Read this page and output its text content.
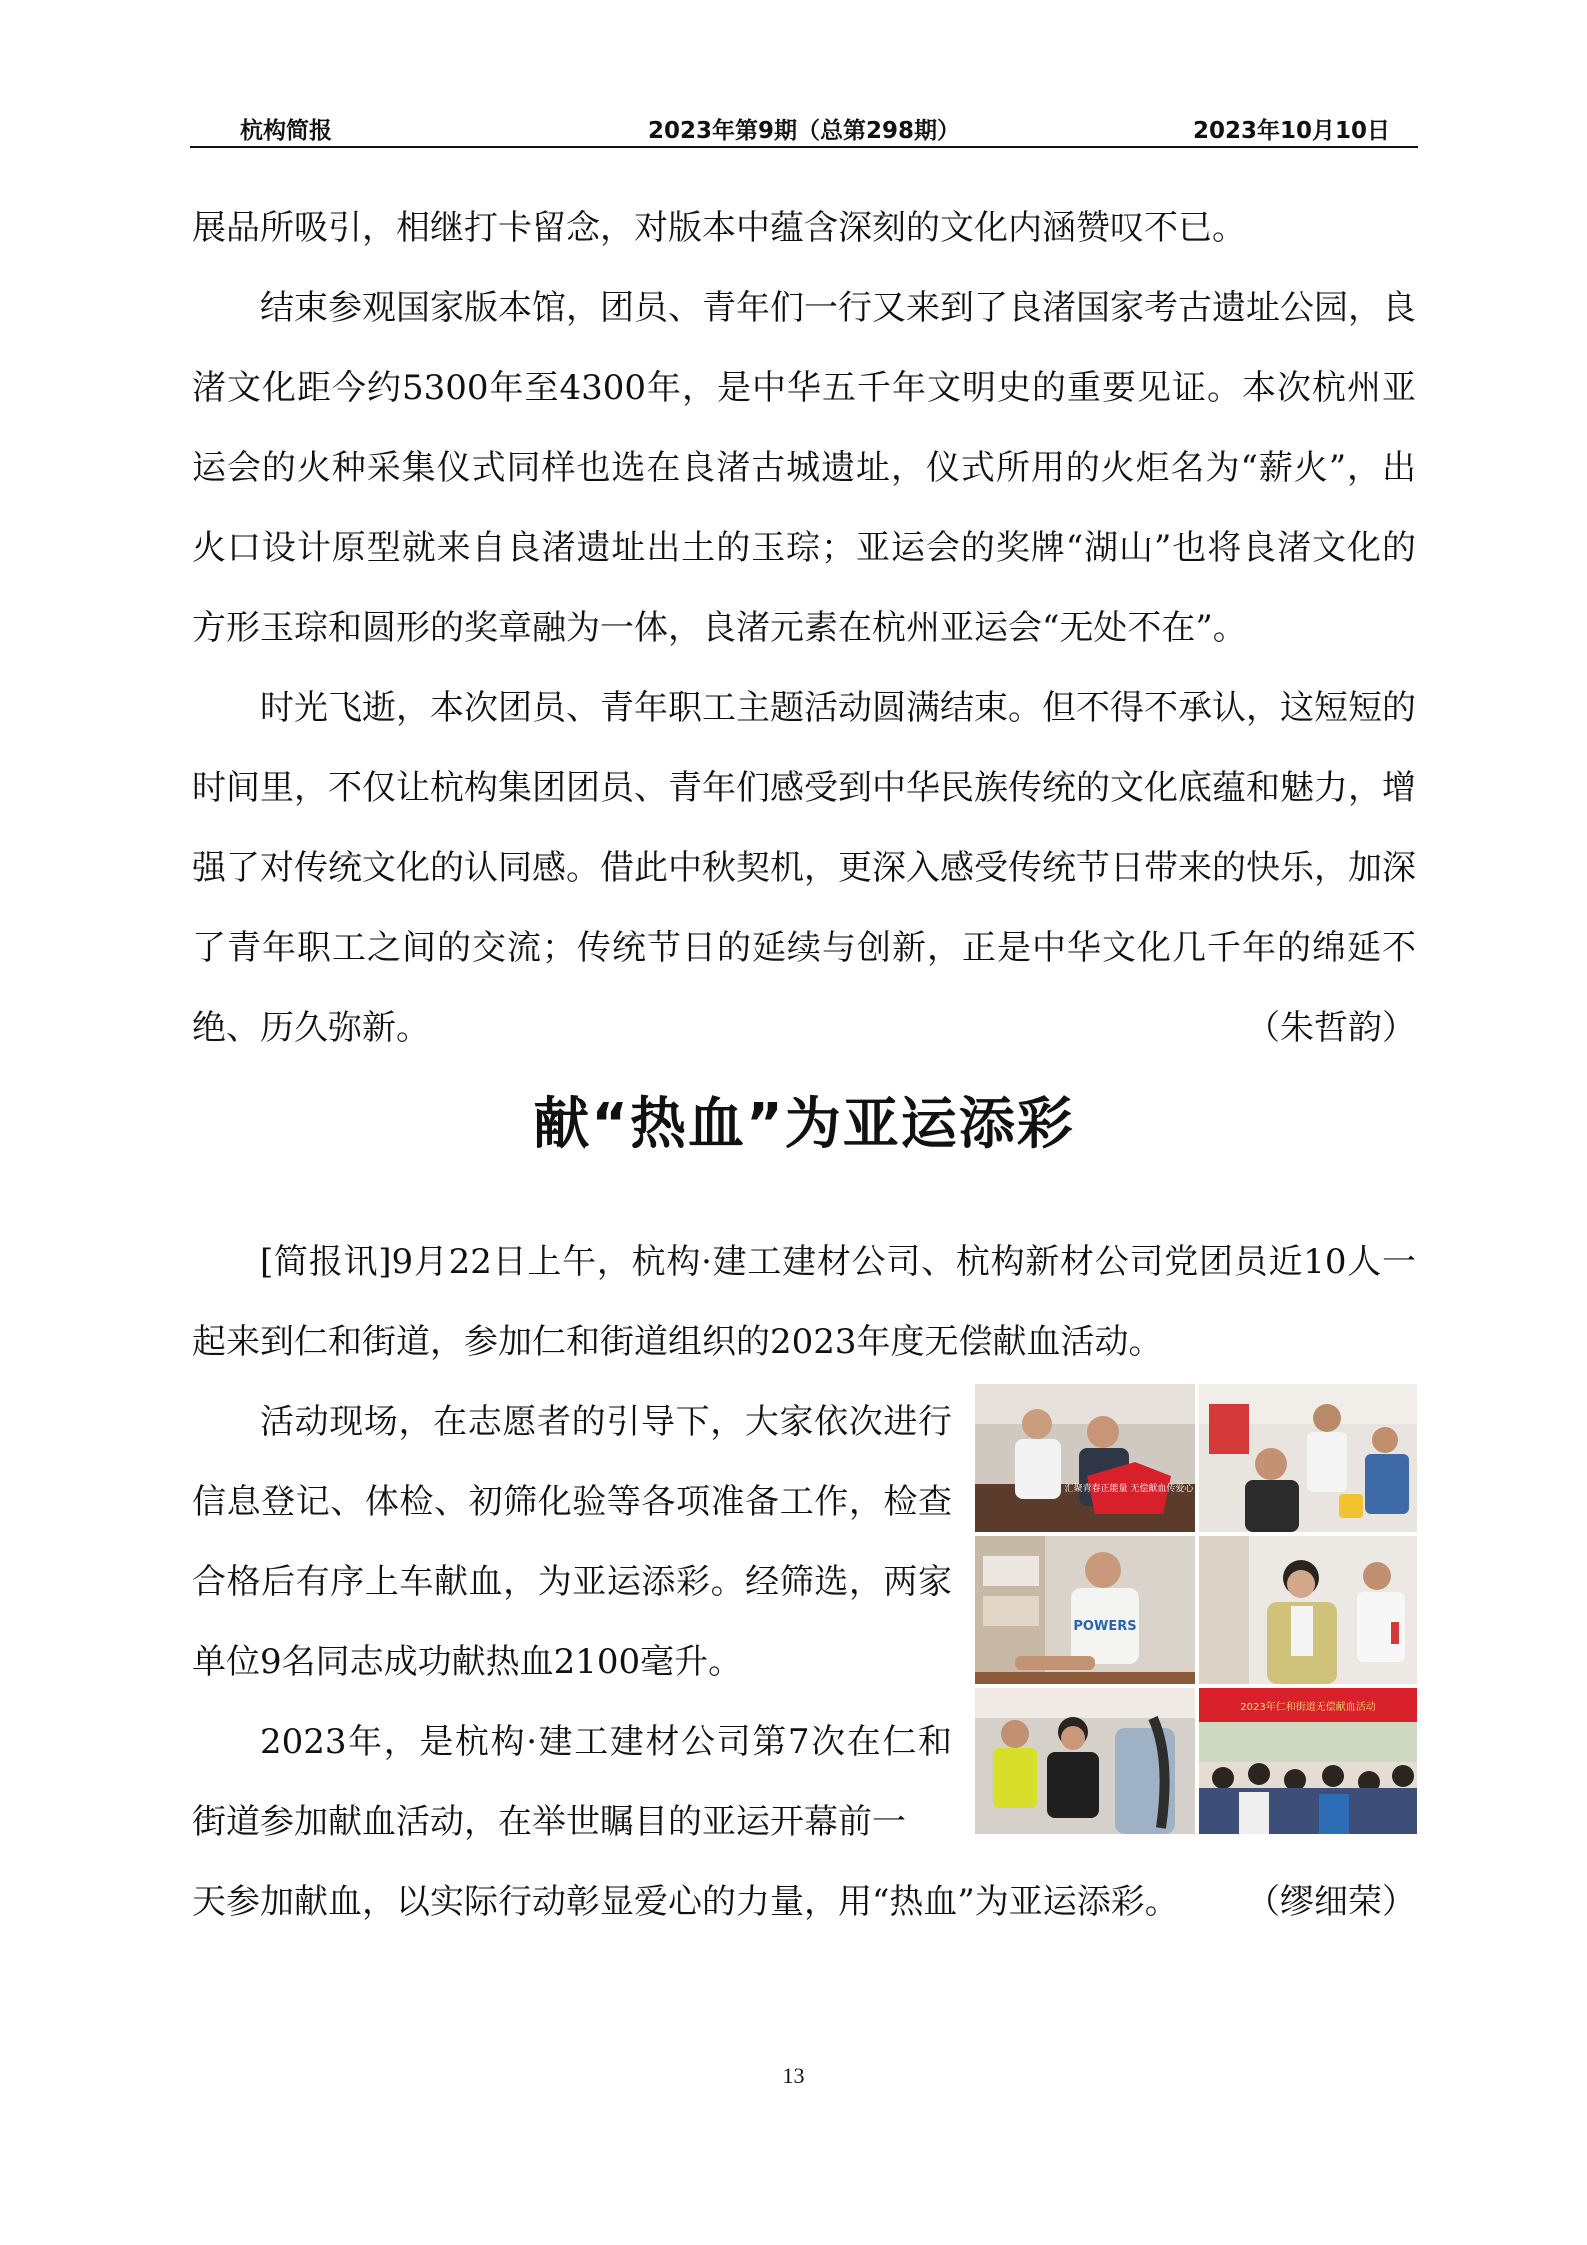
杭构简报	2023年第9期（总第298期）	2023年10月10日

展品所吸引，相继打卡留念，对版本中蕴含深刻的文化内涵赞叹不已。

结束参观国家版本馆，团员、青年们一行又来到了良渚国家考古遗址公园，良渚文化距今约5300年至4300年，是中华五千年文明史的重要见证。本次杭州亚运会的火种采集仪式同样也选在良渚古城遗址，仪式所用的火炬名为“薪火”，出火口设计原型就来自良渚遗址出土的玉琮；亚运会的奖牌“湖山”也将良渚文化的方形玉琮和圆形的奖章融为一体，良渚元素在杭州亚运会“无处不在”。

时光飞逝，本次团员、青年职工主题活动圆满结束。但不得不承认，这短短的时间里，不仅让杭构集团团员、青年们感受到中华民族传统的文化底蕴和魅力，增强了对传统文化的认同感。借此中秋契机，更深入感受传统节日带来的快乐，加深了青年职工之间的交流；传统节日的延续与创新，正是中华文化几千年的绵延不绝、历久弥新。	（朱哲韵）

献“热血”为亚运添彩

[简报讯]9月22日上午，杭构·建工建材公司、杭构新材公司党团员近10人一起来到仁和街道，参加仁和街道组织的2023年度无偿献血活动。

活动现场，在志愿者的引导下，大家依次进行信息登记、体检、初筛化验等各项准备工作，检查合格后有序上车献血，为亚运添彩。经筛选，两家单位9名同志成功献热血2100毫升。

2023年，是杭构·建工建材公司第7次在仁和街道参加献血活动，在举世瞩目的亚运开幕前一

天参加献血，以实际行动彰显爱心的力量，用“热血”为亚运添彩。 （缪细荣）

汇聚青春正能量 无偿献血传爱心
POWERS
2023年仁和街道无偿献血活动
13
